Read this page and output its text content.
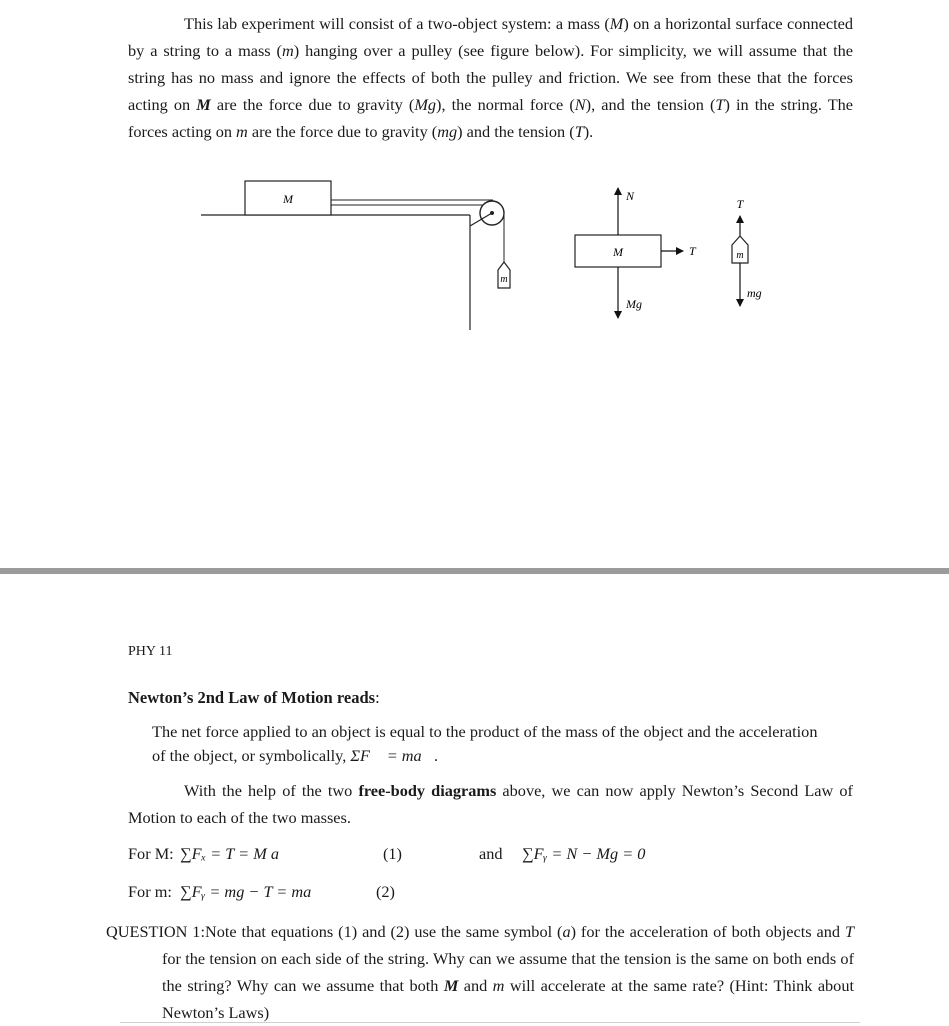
This lab experiment will consist of a two-object system: a mass (M) on a horizontal surface connected by a string to a mass (m) hanging over a pulley (see figure below). For simplicity, we will assume that the string has no mass and ignore the effects of both the pulley and friction. We see from these that the forces acting on M are the force due to gravity (Mg), the normal force (N), and the tension (T) in the string. The forces acting on m are the force due to gravity (mg) and the tension (T).

M
m
M
N
Mg
T
T
m
mg

PHY 11

Newton’s 2nd Law of Motion reads:

The net force applied to an object is equal to the product of the mass of the object and the acceleration of the object, or symbolically, ΣF⃗ = ma⃗.

With the help of the two free-body diagrams above, we can now apply Newton’s Second Law of Motion to each of the two masses.

For M: ∑Fₓ = T = M a	(1)	and ∑Fᵧ = N − Mg = 0

For m: ∑Fᵧ = mg − T = ma	(2)

QUESTION 1:Note that equations (1) and (2) use the same symbol (a) for the acceleration of both objects and T for the tension on each side of the string. Why can we assume that the tension is the same on both ends of the string? Why can we assume that both M and m will accelerate at the same rate? (Hint: Think about Newton’s Laws)
